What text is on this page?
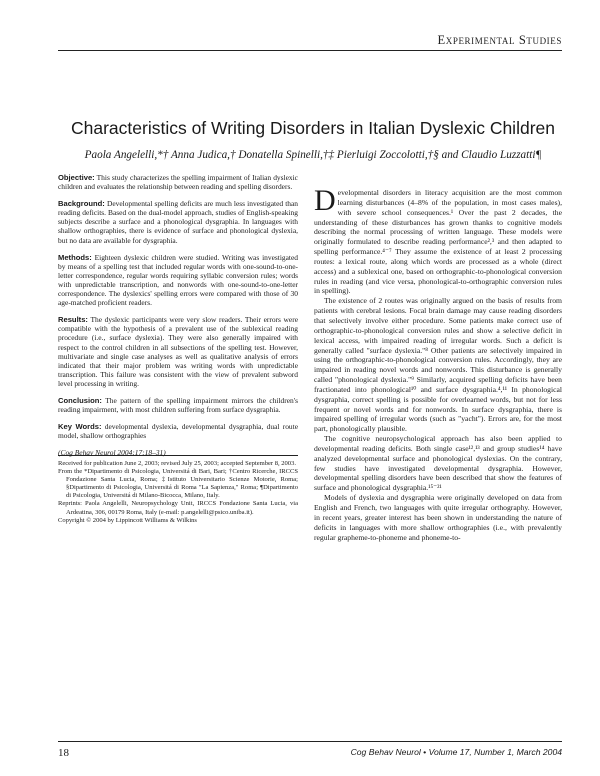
Experimental Studies
Characteristics of Writing Disorders in Italian Dyslexic Children
Paola Angelelli,*† Anna Judica,† Donatella Spinelli,†‡ Pierluigi Zoccolotti,†§ and Claudio Luzzatti¶

Objective: This study characterizes the spelling impairment of Italian dyslexic children and evaluates the relationship between reading and spelling disorders.

Background: Developmental spelling deficits are much less investigated than reading deficits. Based on the dual-model approach, studies of English-speaking subjects describe a surface and a phonological dysgraphia. In languages with shallow orthographies, there is evidence of surface and phonological dyslexia, but no data are available for dysgraphia.

Methods: Eighteen dyslexic children were studied. Writing was investigated by means of a spelling test that included regular words with one-sound-to-one-letter correspondence, regular words requiring syllabic conversion rules; words with unpredictable transcription, and nonwords with one-sound-to-one-letter correspondence. The dyslexics' spelling errors were compared with those of 30 age-matched proficient readers.

Results: The dyslexic participants were very slow readers. Their errors were compatible with the hypothesis of a prevalent use of the sublexical reading procedure (i.e., surface dyslexia). They were also generally impaired with respect to the control children in all subsections of the spelling test. However, multivariate and single case analyses as well as qualitative analysis of errors indicated that their major problem was writing words with unpredictable transcription. This failure was consistent with the view of prevalent subword level processing in writing.

Conclusion: The pattern of the spelling impairment mirrors the children's reading impairment, with most children suffering from surface dysgraphia.

Key Words: developmental dyslexia, developmental dysgraphia, dual route model, shallow orthographies

(Cog Behav Neurol 2004;17:18–31)

Received for publication June 2, 2003; revised July 25, 2003; accepted September 8, 2003.

From the *Dipartimento di Psicologia, Universitá di Bari, Bari; †Centro Ricerche, IRCCS Fondazione Santa Lucia, Roma; ‡Istituto Universitario Scienze Motorie, Roma; §Dipartimento di Psicologia, Universitá di Roma "La Sapienza," Roma; ¶Dipartimento di Psicologia, Universitá di Milano-Bicocca, Milano, Italy.

Reprints: Paola Angelelli, Neuropsychology Unit, IRCCS Fondazione Santa Lucia, via Ardeatina, 306, 00179 Roma, Italy (e-mail: p.angelelli@psico.uniba.it).

Copyright © 2004 by Lippincott Williams & Wilkins

Developmental disorders in literacy acquisition are the most common learning disturbances (4–8% of the population, in most cases males), with severe school consequences.¹ Over the past 2 decades, the understanding of these disturbances has grown thanks to cognitive models describing the normal processing of written language. These models were originally formulated to describe reading performance²,³ and then adapted to spelling performance.⁴⁻⁷ They assume the existence of at least 2 processing routes: a lexical route, along which words are processed as a whole (direct access) and a sublexical one, based on orthographic-to-phonological conversion rules in reading (and vice versa, phonological-to-orthographic conversion rules in spelling).

The existence of 2 routes was originally argued on the basis of results from patients with cerebral lesions. Focal brain damage may cause reading disorders that selectively involve either procedure. Some patients make correct use of orthographic-to-phonological conversion rules and show a selective deficit in lexical access, with impaired reading of irregular words. Such a deficit is generally called "surface dyslexia."⁸ Other patients are selectively impaired in using the orthographic-to-phonological conversion rules. Accordingly, they are impaired in reading novel words and nonwords. This disturbance is generally called "phonological dyslexia."⁹ Similarly, acquired spelling deficits have been fractionated into phonological¹⁰ and surface dysgraphia.⁴,¹¹ In phonological dysgraphia, correct spelling is possible for overlearned words, but not for less frequent or novel words and for nonwords. In surface dysgraphia, there is impaired spelling of irregular words (such as "yacht"). Errors are, for the most part, phonologically plausible.

The cognitive neuropsychological approach has also been applied to developmental reading deficits. Both single case¹²,¹³ and group studies¹⁴ have analyzed developmental surface and phonological dyslexias. On the contrary, few studies have investigated developmental dysgraphia. However, developmental spelling disorders have been described that show the features of surface and phonological dysgraphia.¹⁵⁻²¹

Models of dyslexia and dysgraphia were originally developed on data from English and French, two languages with quite irregular orthography. However, in recent years, greater interest has been shown in understanding the nature of deficits in languages with more shallow orthographies (i.e., with prevalently regular grapheme-to-phoneme and phoneme-to-

18	Cog Behav Neurol • Volume 17, Number 1, March 2004
